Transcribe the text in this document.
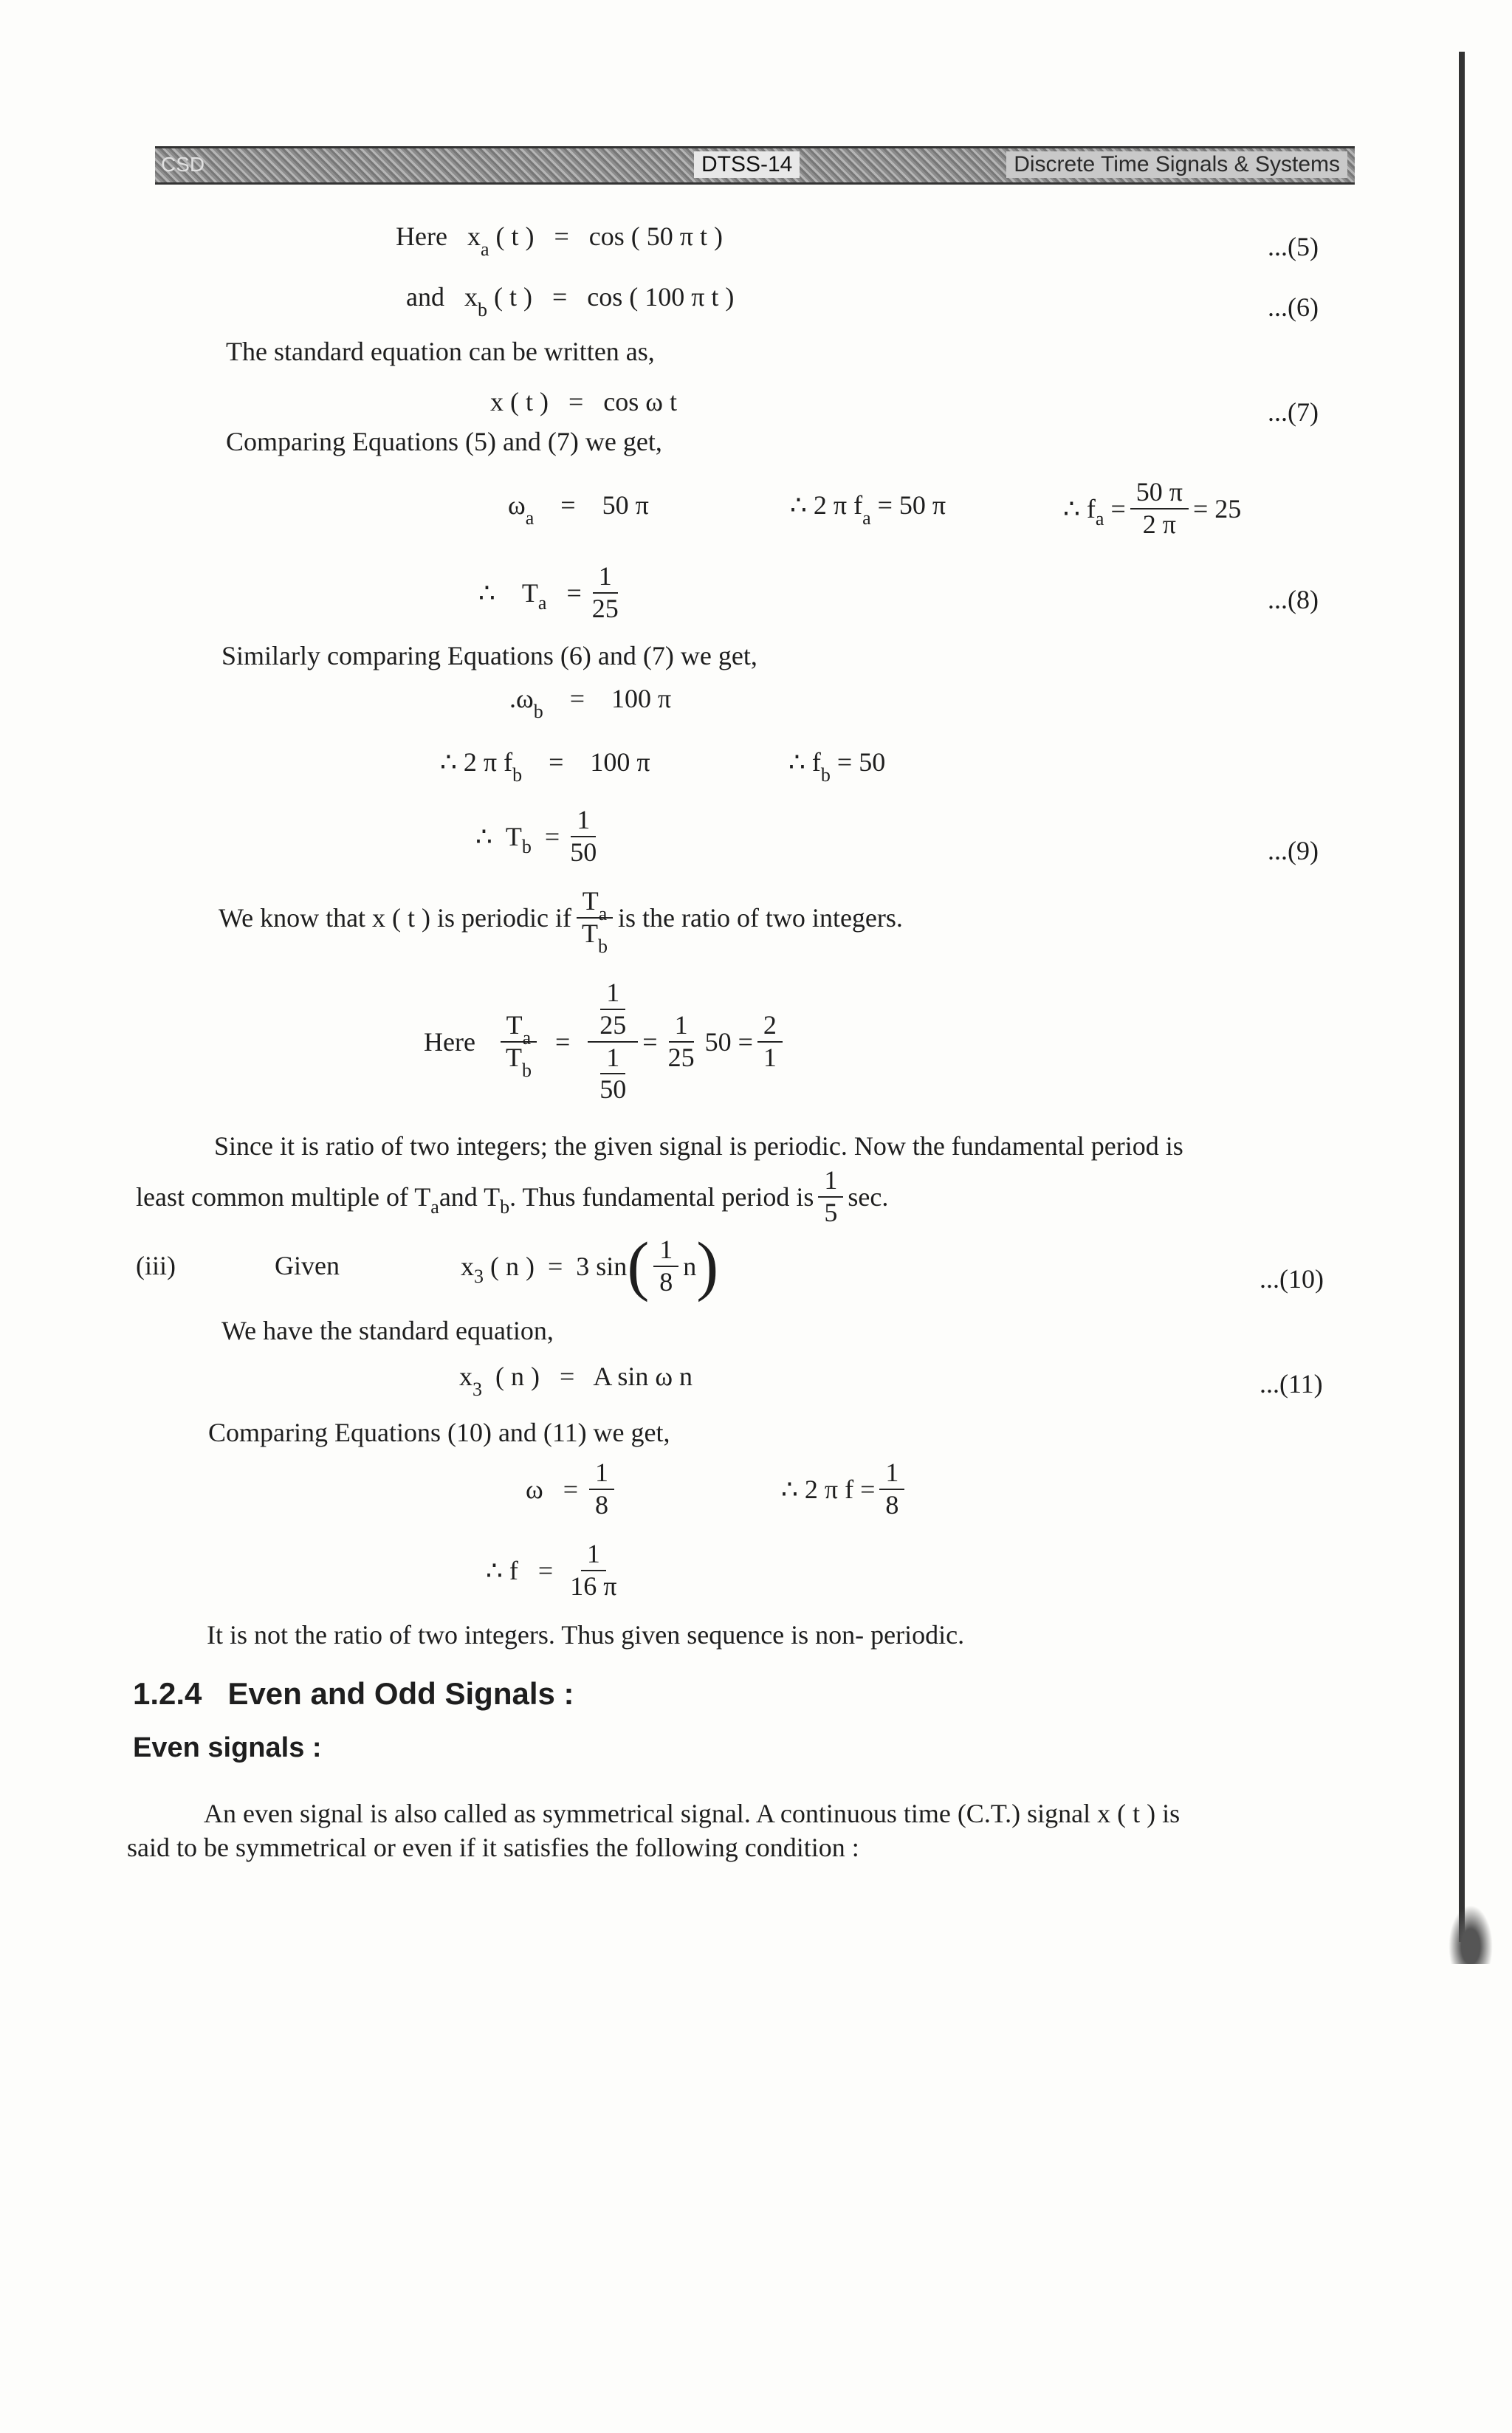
CSD	DTSS-14	Discrete Time Signals & Systems
Here $x_a$ ( t ) = cos ( 50 π t )	...(5)
and $x_b$ ( t ) = cos ( 100 π t )	...(6)
The standard equation can be written as,
x ( t ) = cos ω t	...(7)
Comparing Equations (5) and (7) we get,
$\omega_a = 50$ π	∴ 2 π $f_a = 50$ π	∴ f a
= $\frac{50 \pi}{2 \pi} = 25$
∴
T a
= $\frac{1}{25}$	...(8)
Similarly comparing Equations (6) and (7) we get,
$.\omega_b = 100$ π
∴ 2 π $f_b = 100$ π	∴ $f_b = 50$
∴
T b
= $\frac{1}{50}$	...(9)
We know that x ( t ) is periodic if $\frac{T_a}{T_b}$ is the ratio of two integers.
Here
$\frac{T_a}{T_b}$
=
$\frac{\frac{1}{25}}{\frac{1}{50}} = \frac{1}{25} 50$
= $\frac{2}{1}$
Since it is ratio of two integers; the given signal is periodic. Now the fundamental period is
least common multiple of T a and T b . Thus fundamental period is $\frac{1}{5} \sec$.
(iii)	Given	x 3
( n )
=
3 sin ( $\frac{1}{8}$ n )	...(10)
We have the standard equation,
$x_3$ ( n ) = A sin ω n	...(11)
Comparing Equations (10) and (11) we get,
ω
=
$\frac{1}{8}$	∴ 2 π $f = \frac{1}{8}$
∴ f
=
$\frac{1}{16 \pi}$
It is not the ratio of two integers. Thus given sequence is non- periodic.
1.2.4 Even and Odd Signals :
Even signals :
An even signal is also called as symmetrical signal. A continuous time (C.T.) signal x ( t ) is
said to be symmetrical or even if it satisfies the following condition :
